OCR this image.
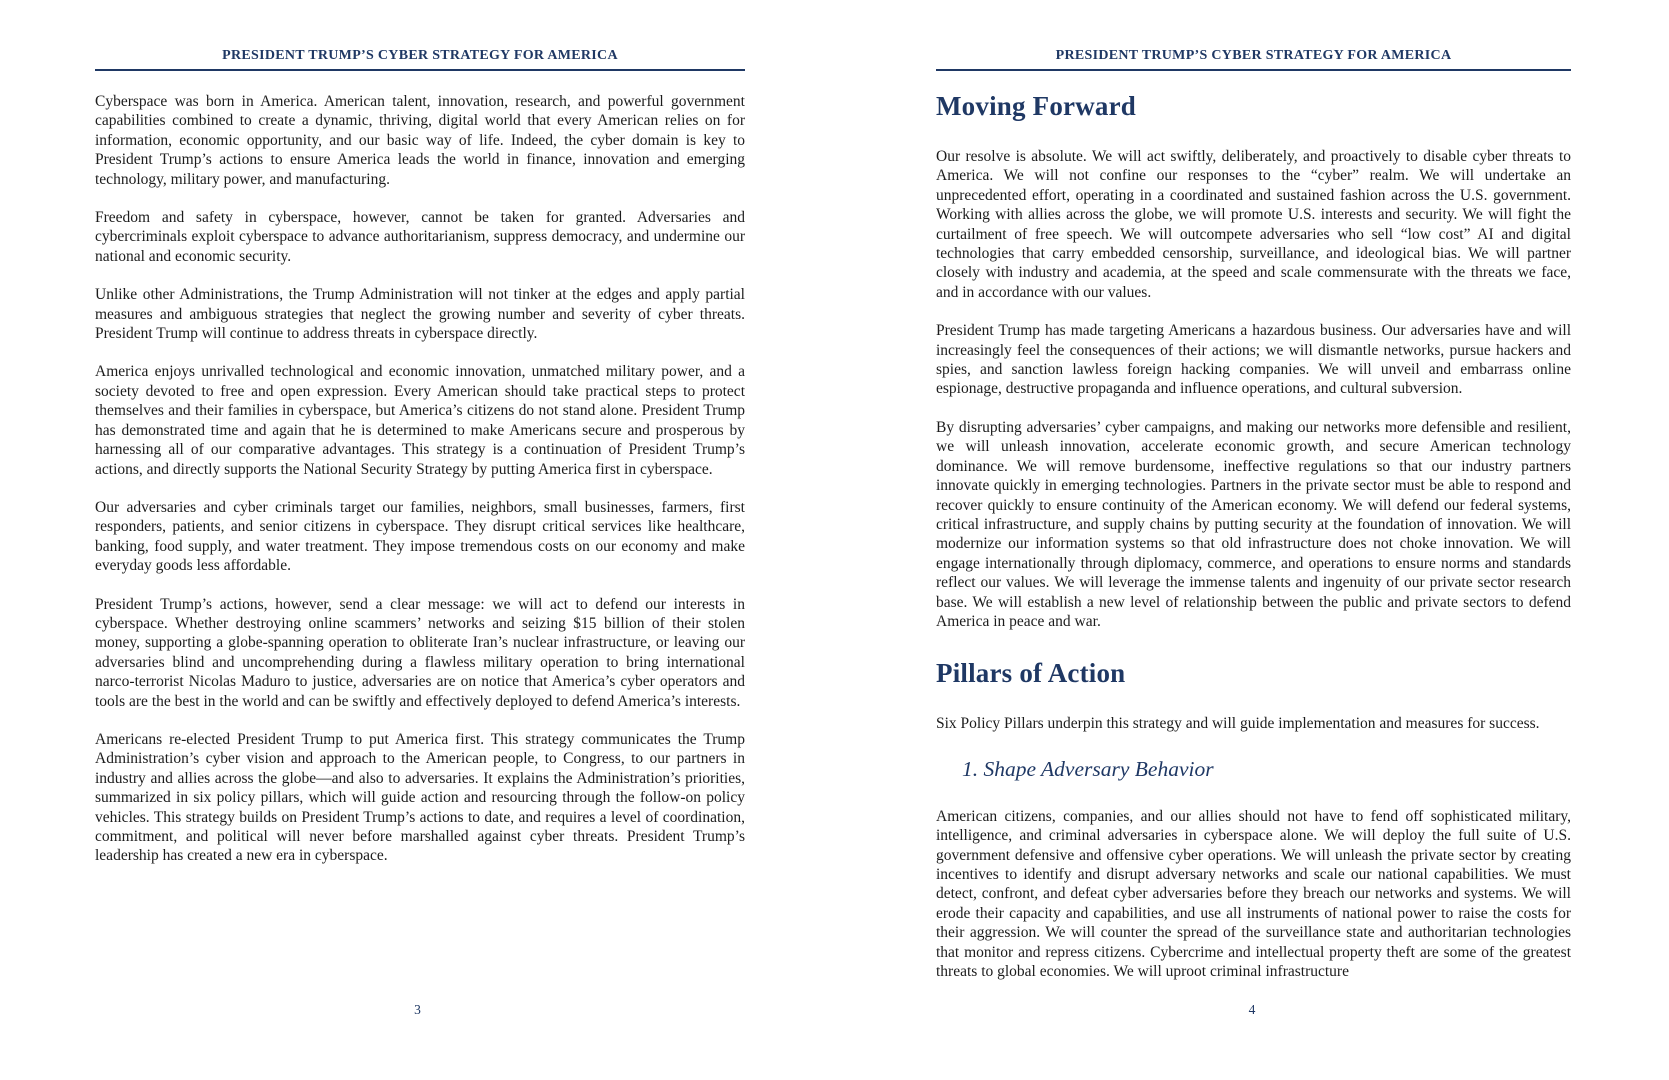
PRESIDENT TRUMP’S CYBER STRATEGY FOR AMERICA

Cyberspace was born in America. American talent, innovation, research, and powerful government capabilities combined to create a dynamic, thriving, digital world that every American relies on for information, economic opportunity, and our basic way of life. Indeed, the cyber domain is key to President Trump’s actions to ensure America leads the world in finance, innovation and emerging technology, military power, and manufacturing.

Freedom and safety in cyberspace, however, cannot be taken for granted. Adversaries and cybercriminals exploit cyberspace to advance authoritarianism, suppress democracy, and undermine our national and economic security.

Unlike other Administrations, the Trump Administration will not tinker at the edges and apply partial measures and ambiguous strategies that neglect the growing number and severity of cyber threats. President Trump will continue to address threats in cyberspace directly.

America enjoys unrivalled technological and economic innovation, unmatched military power, and a society devoted to free and open expression. Every American should take practical steps to protect themselves and their families in cyberspace, but America’s citizens do not stand alone. President Trump has demonstrated time and again that he is determined to make Americans secure and prosperous by harnessing all of our comparative advantages. This strategy is a continuation of President Trump’s actions, and directly supports the National Security Strategy by putting America first in cyberspace.

Our adversaries and cyber criminals target our families, neighbors, small businesses, farmers, first responders, patients, and senior citizens in cyberspace. They disrupt critical services like healthcare, banking, food supply, and water treatment. They impose tremendous costs on our economy and make everyday goods less affordable.

President Trump’s actions, however, send a clear message: we will act to defend our interests in cyberspace. Whether destroying online scammers’ networks and seizing $15 billion of their stolen money, supporting a globe-spanning operation to obliterate Iran’s nuclear infrastructure, or leaving our adversaries blind and uncomprehending during a flawless military operation to bring international narco-terrorist Nicolas Maduro to justice, adversaries are on notice that America’s cyber operators and tools are the best in the world and can be swiftly and effectively deployed to defend America’s interests.

Americans re-elected President Trump to put America first. This strategy communicates the Trump Administration’s cyber vision and approach to the American people, to Congress, to our partners in industry and allies across the globe—and also to adversaries. It explains the Administration’s priorities, summarized in six policy pillars, which will guide action and resourcing through the follow-on policy vehicles. This strategy builds on President Trump’s actions to date, and requires a level of coordination, commitment, and political will never before marshalled against cyber threats. President Trump’s leadership has created a new era in cyberspace.

3
PRESIDENT TRUMP’S CYBER STRATEGY FOR AMERICA
Moving Forward

Our resolve is absolute. We will act swiftly, deliberately, and proactively to disable cyber threats to America. We will not confine our responses to the “cyber” realm. We will undertake an unprecedented effort, operating in a coordinated and sustained fashion across the U.S. government. Working with allies across the globe, we will promote U.S. interests and security. We will fight the curtailment of free speech. We will outcompete adversaries who sell “low cost” AI and digital technologies that carry embedded censorship, surveillance, and ideological bias. We will partner closely with industry and academia, at the speed and scale commensurate with the threats we face, and in accordance with our values.

President Trump has made targeting Americans a hazardous business. Our adversaries have and will increasingly feel the consequences of their actions; we will dismantle networks, pursue hackers and spies, and sanction lawless foreign hacking companies. We will unveil and embarrass online espionage, destructive propaganda and influence operations, and cultural subversion.

By disrupting adversaries’ cyber campaigns, and making our networks more defensible and resilient, we will unleash innovation, accelerate economic growth, and secure American technology dominance. We will remove burdensome, ineffective regulations so that our industry partners innovate quickly in emerging technologies. Partners in the private sector must be able to respond and recover quickly to ensure continuity of the American economy. We will defend our federal systems, critical infrastructure, and supply chains by putting security at the foundation of innovation. We will modernize our information systems so that old infrastructure does not choke innovation. We will engage internationally through diplomacy, commerce, and operations to ensure norms and standards reflect our values. We will leverage the immense talents and ingenuity of our private sector research base. We will establish a new level of relationship between the public and private sectors to defend America in peace and war.

Pillars of Action

Six Policy Pillars underpin this strategy and will guide implementation and measures for success.

1. Shape Adversary Behavior

American citizens, companies, and our allies should not have to fend off sophisticated military, intelligence, and criminal adversaries in cyberspace alone. We will deploy the full suite of U.S. government defensive and offensive cyber operations. We will unleash the private sector by creating incentives to identify and disrupt adversary networks and scale our national capabilities. We must detect, confront, and defeat cyber adversaries before they breach our networks and systems. We will erode their capacity and capabilities, and use all instruments of national power to raise the costs for their aggression. We will counter the spread of the surveillance state and authoritarian technologies that monitor and repress citizens. Cybercrime and intellectual property theft are some of the greatest threats to global economies. We will uproot criminal infrastructure

4
